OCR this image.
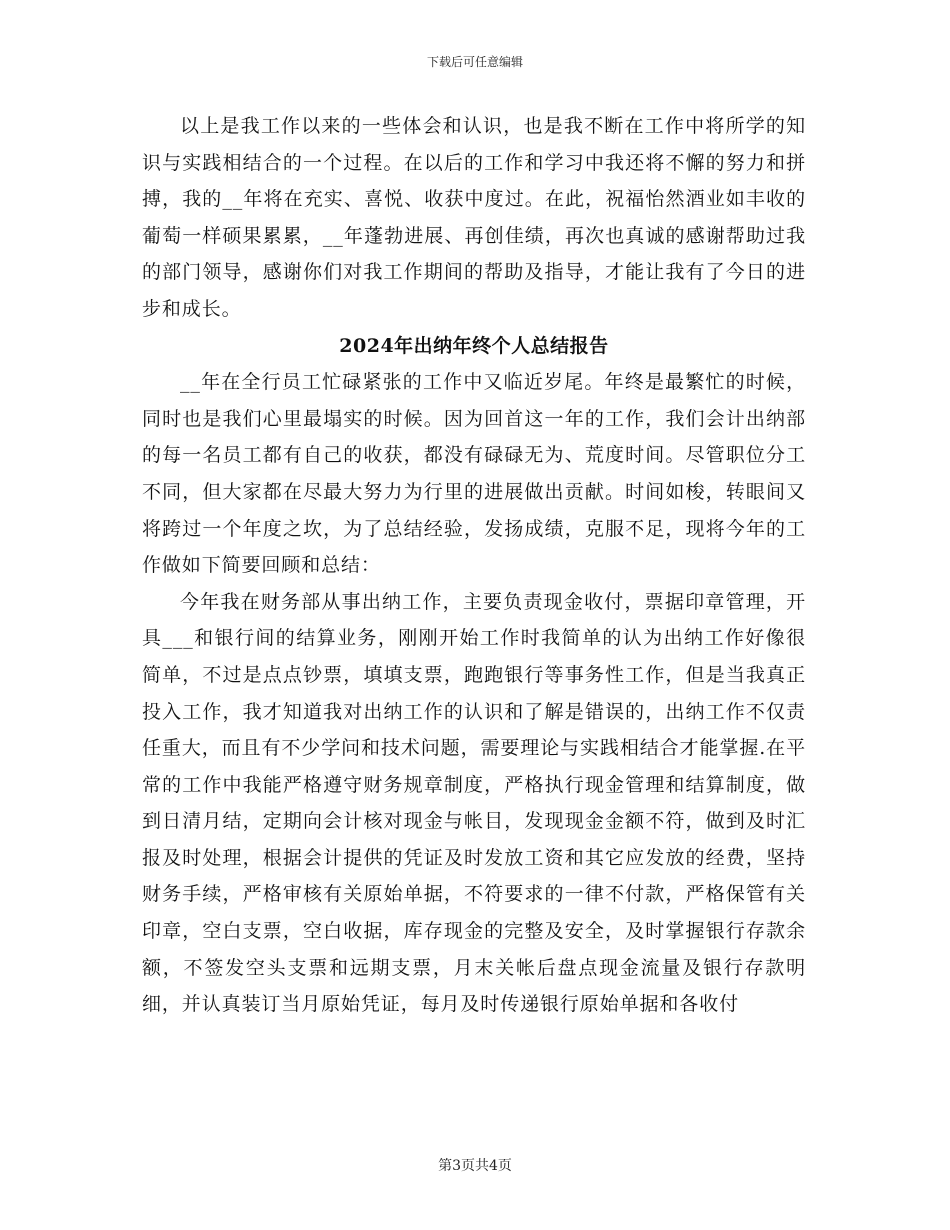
下载后可任意编辑

以上是我工作以来的一些体会和认识，也是我不断在工作中将所学的知识与实践相结合的一个过程。在以后的工作和学习中我还将不懈的努力和拼搏，我的__年将在充实、喜悦、收获中度过。在此，祝福怡然酒业如丰收的葡萄一样硕果累累，__年蓬勃进展、再创佳绩，再次也真诚的感谢帮助过我的部门领导，感谢你们对我工作期间的帮助及指导，才能让我有了今日的进步和成长。

2024年出纳年终个人总结报告

__年在全行员工忙碌紧张的工作中又临近岁尾。年终是最繁忙的时候，同时也是我们心里最塌实的时候。因为回首这一年的工作，我们会计出纳部的每一名员工都有自己的收获，都没有碌碌无为、荒度时间。尽管职位分工不同，但大家都在尽最大努力为行里的进展做出贡献。时间如梭，转眼间又将跨过一个年度之坎，为了总结经验，发扬成绩，克服不足，现将今年的工作做如下简要回顾和总结：

今年我在财务部从事出纳工作，主要负责现金收付，票据印章管理，开具___和银行间的结算业务，刚刚开始工作时我简单的认为出纳工作好像很简单，不过是点点钞票，填填支票，跑跑银行等事务性工作，但是当我真正投入工作，我才知道我对出纳工作的认识和了解是错误的，出纳工作不仅责任重大，而且有不少学问和技术问题，需要理论与实践相结合才能掌握.在平常的工作中我能严格遵守财务规章制度，严格执行现金管理和结算制度，做到日清月结，定期向会计核对现金与帐目，发现现金金额不符，做到及时汇报及时处理，根据会计提供的凭证及时发放工资和其它应发放的经费，坚持财务手续，严格审核有关原始单据，不符要求的一律不付款，严格保管有关印章，空白支票，空白收据，库存现金的完整及安全，及时掌握银行存款余额，不签发空头支票和远期支票，月末关帐后盘点现金流量及银行存款明细，并认真装订当月原始凭证，每月及时传递银行原始单据和各收付

第3页共4页
